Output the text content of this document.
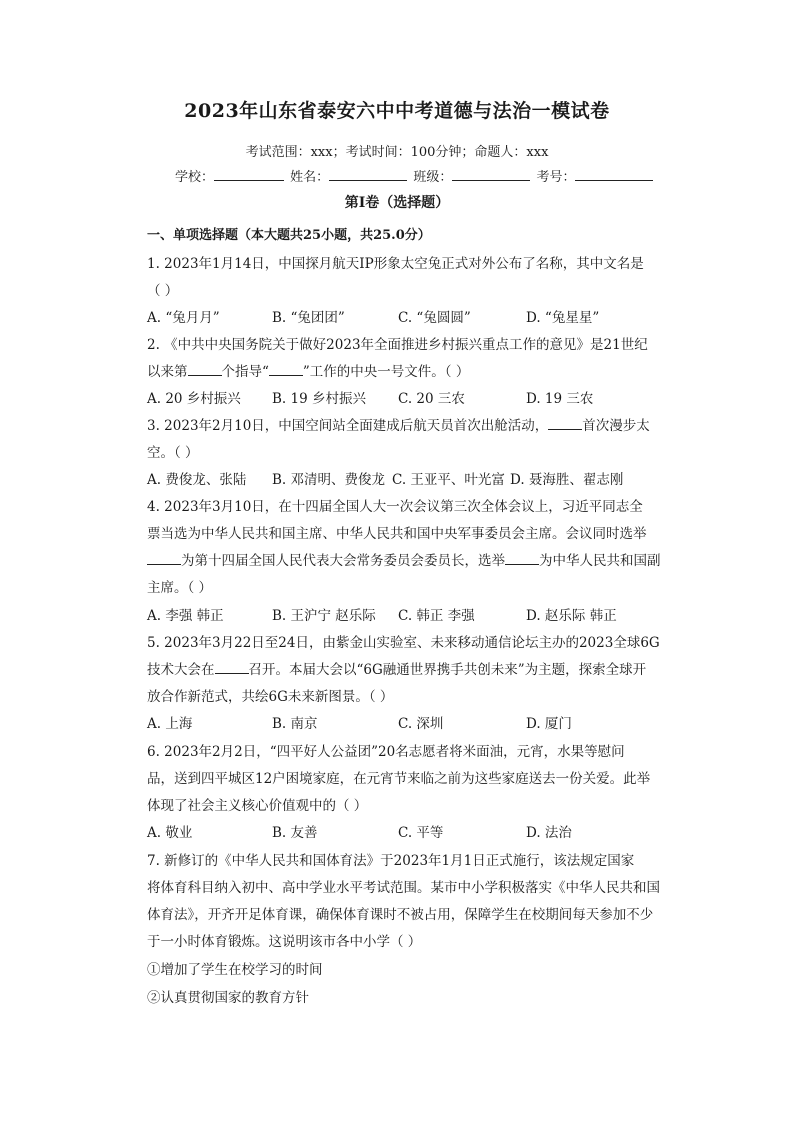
2023年山东省泰安六中中考道德与法治一模试卷
考试范围：xxx；考试时间：100分钟；命题人：xxx
学校：	姓名：	班级：	考号：
第I卷（选择题）
一、单项选择题（本大题共25小题，共25.0分）
1. 2023年1月14日，中国探月航天IP形象太空兔正式对外公布了名称，其中文名是
（ ）
A. “兔月月”	B. “兔团团”	C. “兔圆圆”	D. “兔星星”
2. 《中共中央国务院关于做好2023年全面推进乡村振兴重点工作的意见》是21世纪
以来第	个指导“	”工作的中央一号文件。（ ）
A. 20 乡村振兴 B. 19 乡村振兴 C. 20 三农	D. 19 三农
3. 2023年2月10日，中国空间站全面建成后航天员首次出舱活动，	首次漫步太
空。（ ）
A. 费俊龙、张陆 B. 邓清明、费俊龙 C. 王亚平、叶光富 D. 聂海胜、翟志刚
4. 2023年3月10日，在十四届全国人大一次会议第三次全体会议上，习近平同志全
票当选为中华人民共和国主席、中华人民共和国中央军事委员会主席。会议同时选举
为第十四届全国人民代表大会常务委员会委员长，选举	为中华人民共和国副
主席。（ ）
A. 李强 韩正	B. 王沪宁 赵乐际 C. 韩正 李强	D. 赵乐际 韩正
5. 2023年3月22日至24日，由紫金山实验室、未来移动通信论坛主办的2023全球6G
技术大会在	召开。本届大会以“6G融通世界携手共创未来”为主题，探索全球开
放合作新范式，共绘6G未来新图景。（ ）
A. 上海	B. 南京	C. 深圳	D. 厦门
6. 2023年2月2日，“四平好人公益团”20名志愿者将米面油，元宵，水果等慰问
品，送到四平城区12户困境家庭，在元宵节来临之前为这些家庭送去一份关爱。此举
体现了社会主义核心价值观中的（ ）
A. 敬业	B. 友善	C. 平等	D. 法治
7. 新修订的《中华人民共和国体育法》于2023年1月1日正式施行，该法规定国家
将体育科目纳入初中、高中学业水平考试范围。某市中小学积极落实《中华人民共和国
体育法》，开齐开足体育课，确保体育课时不被占用，保障学生在校期间每天参加不少
于一小时体育锻炼。这说明该市各中小学（ ）
①增加了学生在校学习的时间
②认真贯彻国家的教育方针
